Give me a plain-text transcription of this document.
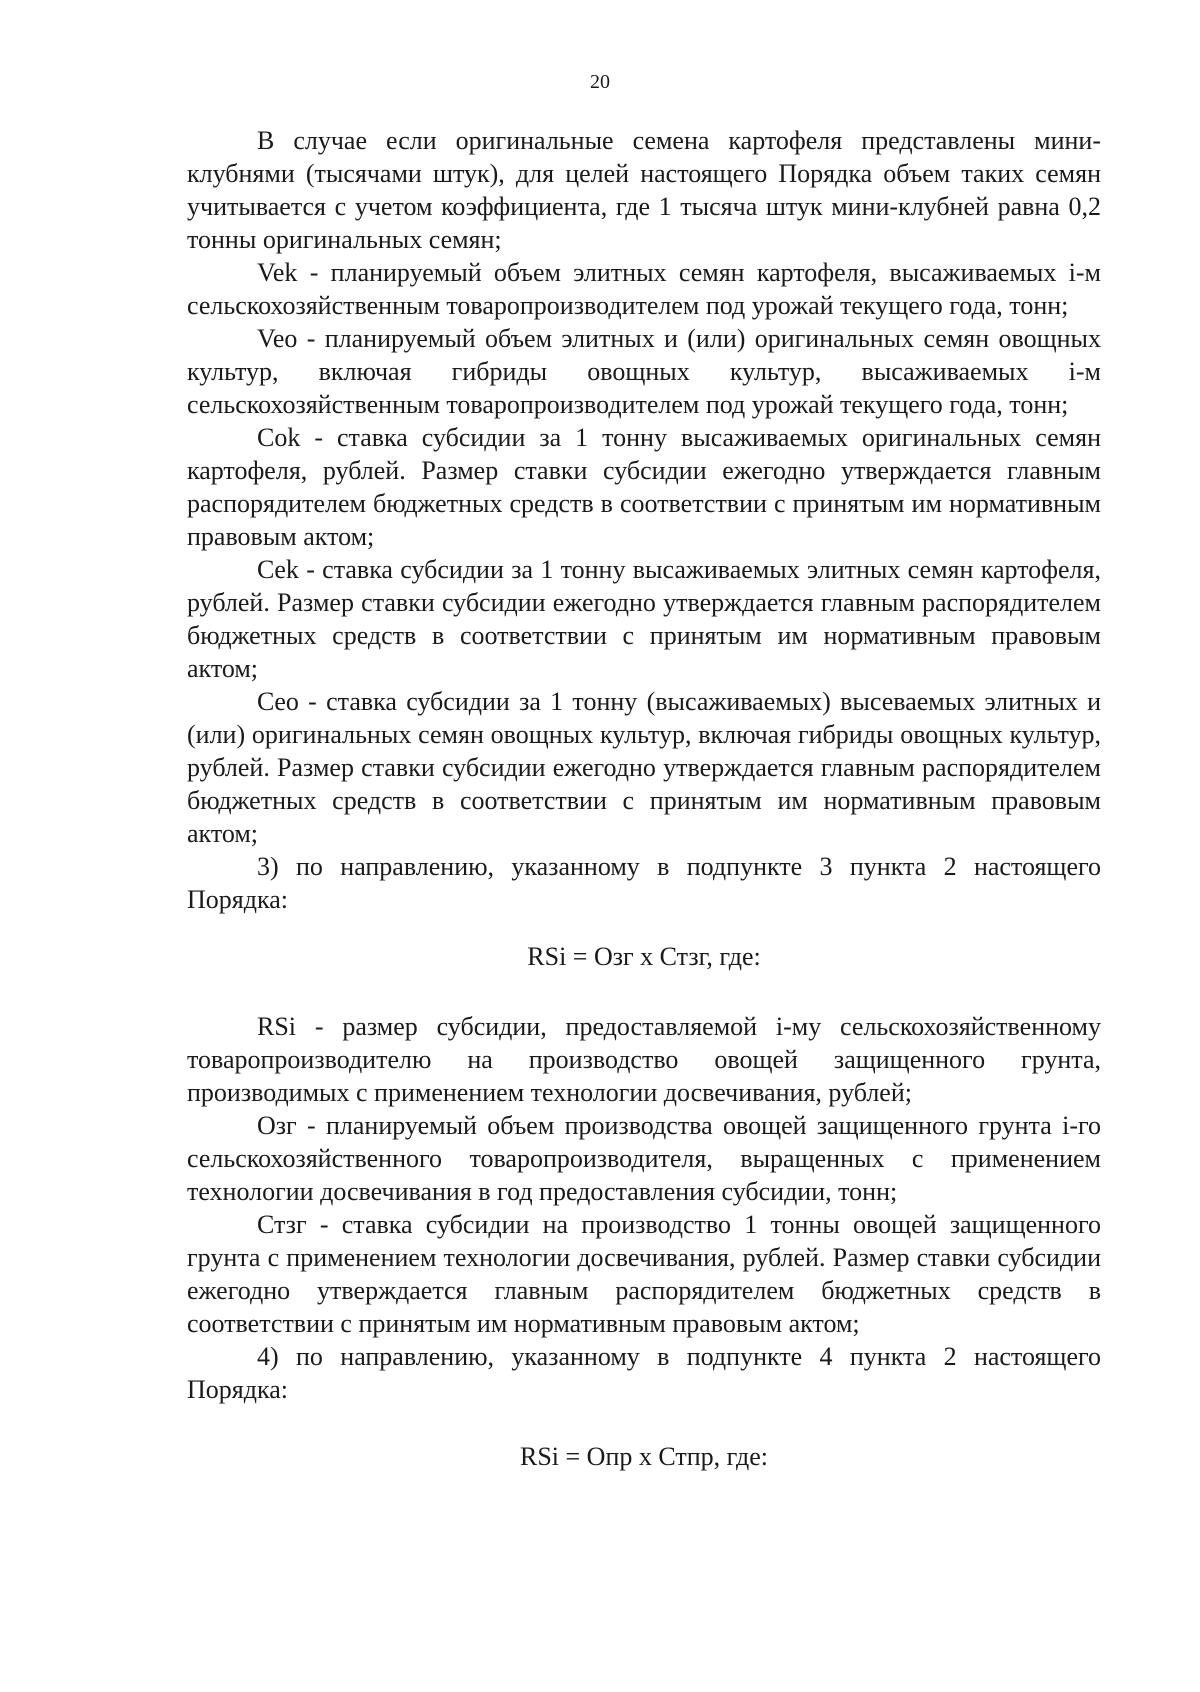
20

В случае если оригинальные семена картофеля представлены мини-клубнями (тысячами штук), для целей настоящего Порядка объем таких семян учитывается с учетом коэффициента, где 1 тысяча штук мини-клубней равна 0,2 тонны оригинальных семян;

Vek - планируемый объем элитных семян картофеля, высаживаемых i-м сельскохозяйственным товаропроизводителем под урожай текущего года, тонн;

Veo - планируемый объем элитных и (или) оригинальных семян овощных культур, включая гибриды овощных культур, высаживаемых i-м сельскохозяйственным товаропроизводителем под урожай текущего года, тонн;

Cok - ставка субсидии за 1 тонну высаживаемых оригинальных семян картофеля, рублей. Размер ставки субсидии ежегодно утверждается главным распорядителем бюджетных средств в соответствии с принятым им нормативным правовым актом;

Cek - ставка субсидии за 1 тонну высаживаемых элитных семян картофеля, рублей. Размер ставки субсидии ежегодно утверждается главным распорядителем бюджетных средств в соответствии с принятым им нормативным правовым актом;

Ceo - ставка субсидии за 1 тонну (высаживаемых) высеваемых элитных и (или) оригинальных семян овощных культур, включая гибриды овощных культур, рублей. Размер ставки субсидии ежегодно утверждается главным распорядителем бюджетных средств в соответствии с принятым им нормативным правовым актом;

3) по направлению, указанному в подпункте 3 пункта 2 настоящего Порядка:

RSi = Озг х Стзг, где:

RSi - размер субсидии, предоставляемой i-му сельскохозяйственному товаропроизводителю на производство овощей защищенного грунта, производимых с применением технологии досвечивания, рублей;

Озг - планируемый объем производства овощей защищенного грунта i-го сельскохозяйственного товаропроизводителя, выращенных с применением технологии досвечивания в год предоставления субсидии, тонн;

Стзг - ставка субсидии на производство 1 тонны овощей защищенного грунта с применением технологии досвечивания, рублей. Размер ставки субсидии ежегодно утверждается главным распорядителем бюджетных средств в соответствии с принятым им нормативным правовым актом;

4) по направлению, указанному в подпункте 4 пункта 2 настоящего Порядка:

RSi = Опр х Стпр, где:
